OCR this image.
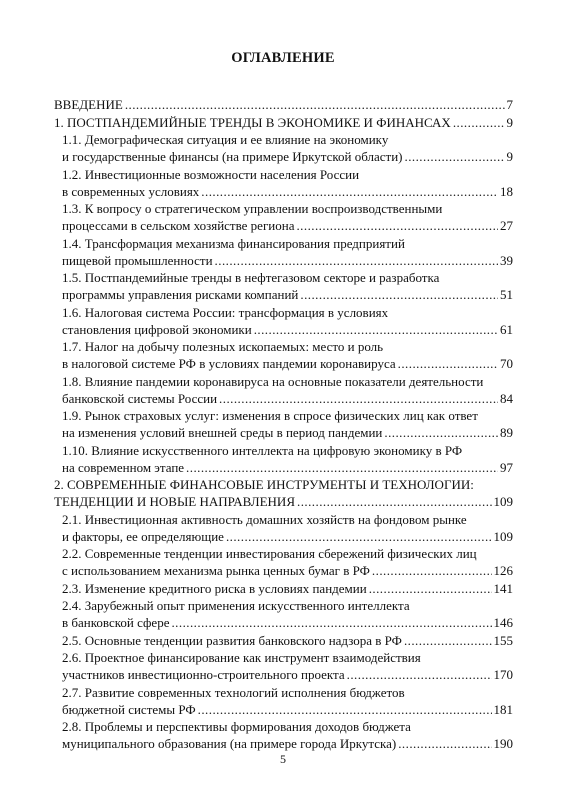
ОГЛАВЛЕНИЕ
ВВЕДЕНИЕ . . .	7
1. ПОСТПАНДЕМИЙНЫЕ ТРЕНДЫ В ЭКОНОМИКЕ И ФИНАНСАХ . . .	9
1.1. Демографическая ситуация и ее влияние на экономику
и государственные финансы (на примере Иркутской области) . . .	9
1.2. Инвестиционные возможности населения России
в современных условиях . . .	18
1.3. К вопросу о стратегическом управлении воспроизводственными
процессами в сельском хозяйстве региона . . .	27
1.4. Трансформация механизма финансирования предприятий
пищевой промышленности . . .	39
1.5. Постпандемийные тренды в нефтегазовом секторе и разработка
программы управления рисками компаний . . .	51
1.6. Налоговая система России: трансформация в условиях
становления цифровой экономики . . .	61
1.7. Налог на добычу полезных ископаемых: место и роль
в налоговой системе РФ в условиях пандемии коронавируса . . .	70
1.8. Влияние пандемии коронавируса на основные показатели деятельности
банковской системы России . . .	84
1.9. Рынок страховых услуг: изменения в спросе физических лиц как ответ
на изменения условий внешней среды в период пандемии . . .	89
1.10. Влияние искусственного интеллекта на цифровую экономику в РФ
на современном этапе . . .	97
2. СОВРЕМЕННЫЕ ФИНАНСОВЫЕ ИНСТРУМЕНТЫ И ТЕХНОЛОГИИ:
ТЕНДЕНЦИИ И НОВЫЕ НАПРАВЛЕНИЯ . . .	109
2.1. Инвестиционная активность домашних хозяйств на фондовом рынке
и факторы, ее определяющие . . .	109
2.2. Современные тенденции инвестирования сбережений физических лиц
с использованием механизма рынка ценных бумаг в РФ . . .	126
2.3. Изменение кредитного риска в условиях пандемии . . .	141
2.4. Зарубежный опыт применения искусственного интеллекта
в банковской сфере . . .	146
2.5. Основные тенденции развития банковского надзора в РФ . . .	155
2.6. Проектное финансирование как инструмент взаимодействия
участников инвестиционно-строительного проекта . . .	170
2.7. Развитие современных технологий исполнения бюджетов
бюджетной системы РФ . . .	181
2.8. Проблемы и перспективы формирования доходов бюджета
муниципального образования (на примере города Иркутска) . . .	190
5
